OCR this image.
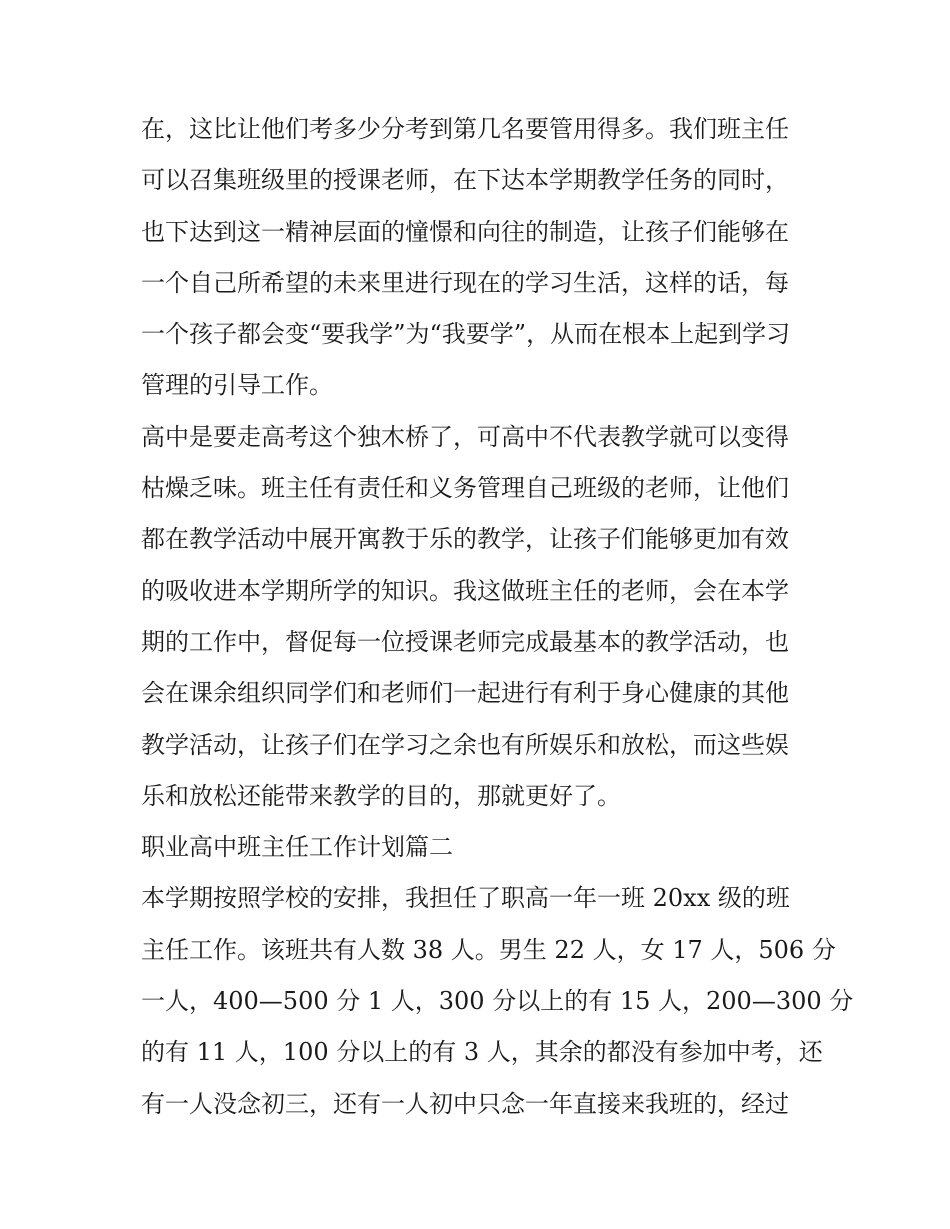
在，这比让他们考多少分考到第几名要管用得多。我们班主任

可以召集班级里的授课老师，在下达本学期教学任务的同时，

也下达到这一精神层面的憧憬和向往的制造，让孩子们能够在

一个自己所希望的未来里进行现在的学习生活，这样的话，每

一个孩子都会变“要我学”为“我要学”，从而在根本上起到学习

管理的引导工作。

高中是要走高考这个独木桥了，可高中不代表教学就可以变得

枯燥乏味。班主任有责任和义务管理自己班级的老师，让他们

都在教学活动中展开寓教于乐的教学，让孩子们能够更加有效

的吸收进本学期所学的知识。我这做班主任的老师，会在本学

期的工作中，督促每一位授课老师完成最基本的教学活动，也

会在课余组织同学们和老师们一起进行有利于身心健康的其他

教学活动，让孩子们在学习之余也有所娱乐和放松，而这些娱

乐和放松还能带来教学的目的，那就更好了。

职业高中班主任工作计划篇二

本学期按照学校的安排，我担任了职高一年一班 20xx 级的班

主任工作。该班共有人数 38 人。男生 22 人，女 17 人，506 分

一人，400—500 分 1 人，300 分以上的有 15 人，200—300 分

的有 11 人，100 分以上的有 3 人，其余的都没有参加中考，还

有一人没念初三，还有一人初中只念一年直接来我班的，经过
